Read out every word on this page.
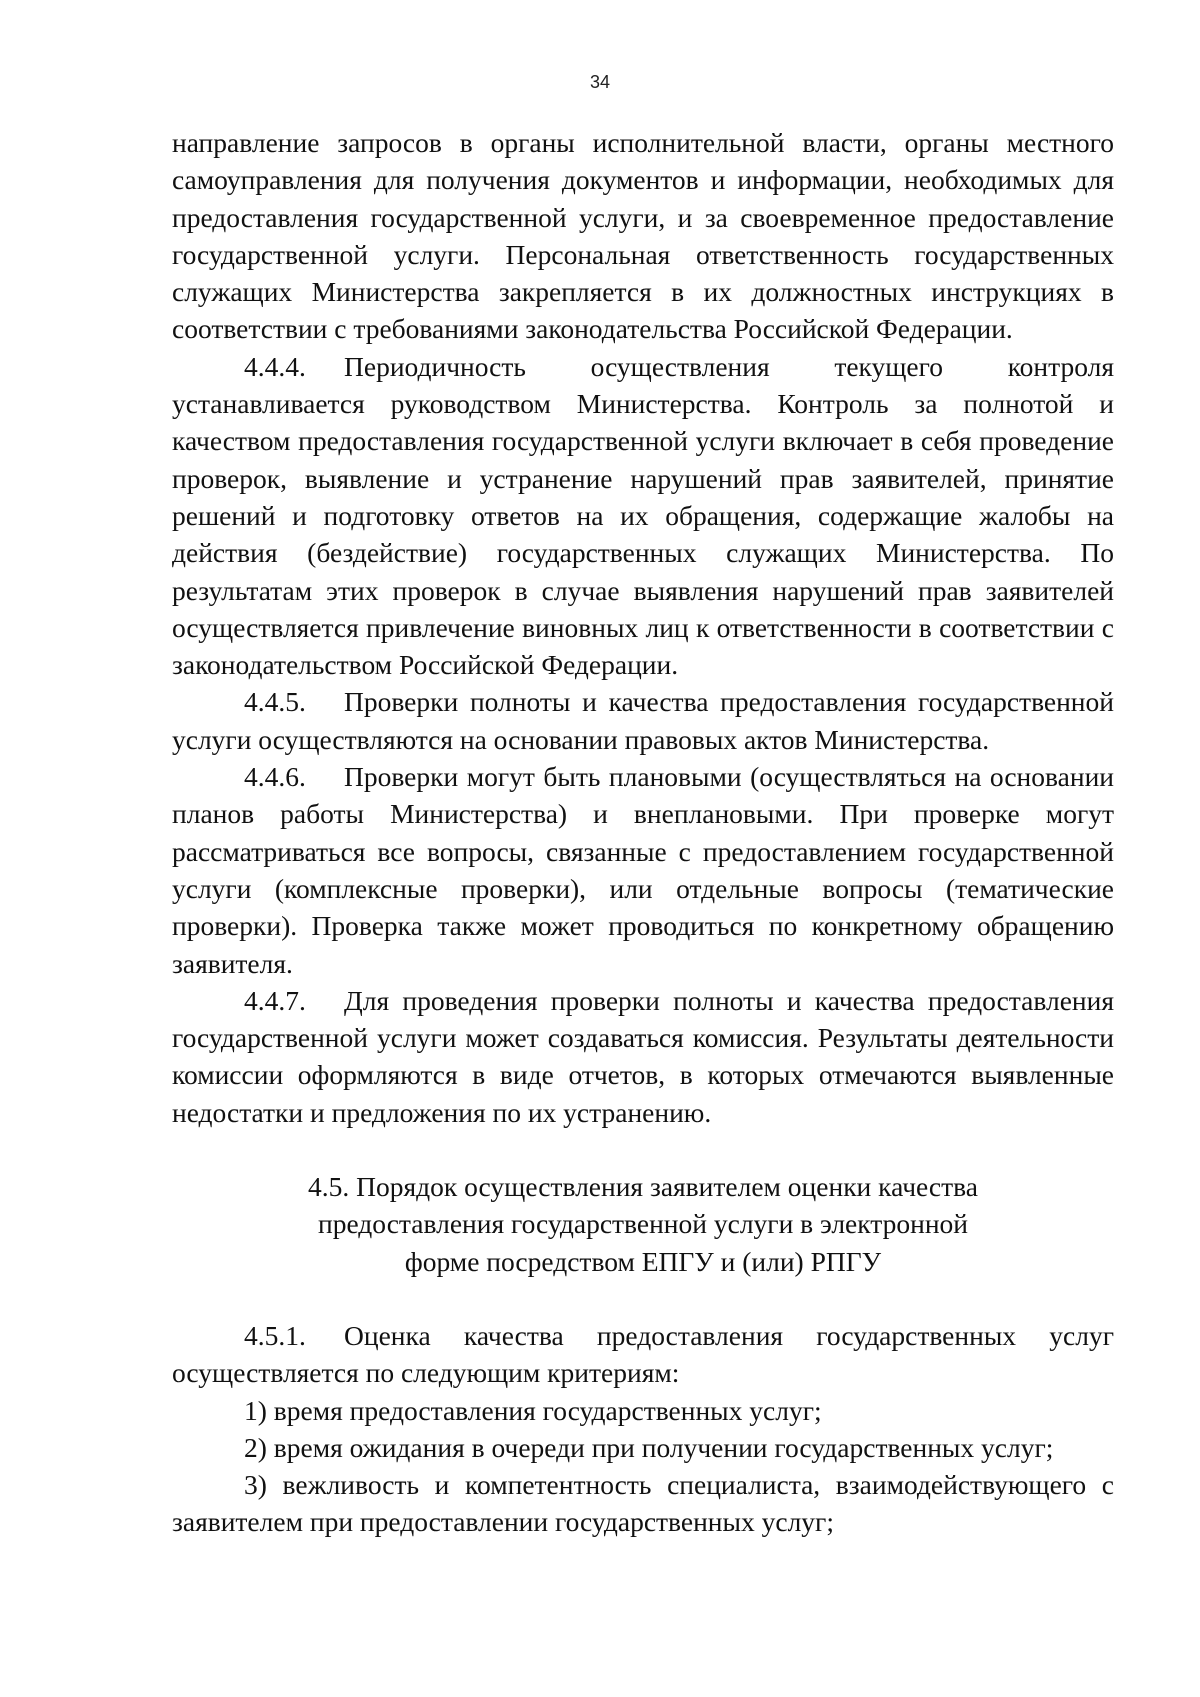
34

направление запросов в органы исполнительной власти, органы местного самоуправления для получения документов и информации, необходимых для предоставления государственной услуги, и за своевременное предоставление государственной услуги. Персональная ответственность государственных служащих Министерства закрепляется в их должностных инструкциях в соответствии с требованиями законодательства Российской Федерации.

4.4.4. Периодичность осуществления текущего контроля устанавливается руководством Министерства. Контроль за полнотой и качеством предоставления государственной услуги включает в себя проведение проверок, выявление и устранение нарушений прав заявителей, принятие решений и подготовку ответов на их обращения, содержащие жалобы на действия (бездействие) государственных служащих Министерства. По результатам этих проверок в случае выявления нарушений прав заявителей осуществляется привлечение виновных лиц к ответственности в соответствии с законодательством Российской Федерации.

4.4.5. Проверки полноты и качества предоставления государственной услуги осуществляются на основании правовых актов Министерства.

4.4.6. Проверки могут быть плановыми (осуществляться на основании планов работы Министерства) и внеплановыми. При проверке могут рассматриваться все вопросы, связанные с предоставлением государственной услуги (комплексные проверки), или отдельные вопросы (тематические проверки). Проверка также может проводиться по конкретному обращению заявителя.

4.4.7. Для проведения проверки полноты и качества предоставления государственной услуги может создаваться комиссия. Результаты деятельности комиссии оформляются в виде отчетов, в которых отмечаются выявленные недостатки и предложения по их устранению.

4.5. Порядок осуществления заявителем оценки качества
предоставления государственной услуги в электронной
форме посредством ЕПГУ и (или) РПГУ

4.5.1. Оценка качества предоставления государственных услуг осуществляется по следующим критериям:

1) время предоставления государственных услуг;

2) время ожидания в очереди при получении государственных услуг;

3) вежливость и компетентность специалиста, взаимодействующего с заявителем при предоставлении государственных услуг;
